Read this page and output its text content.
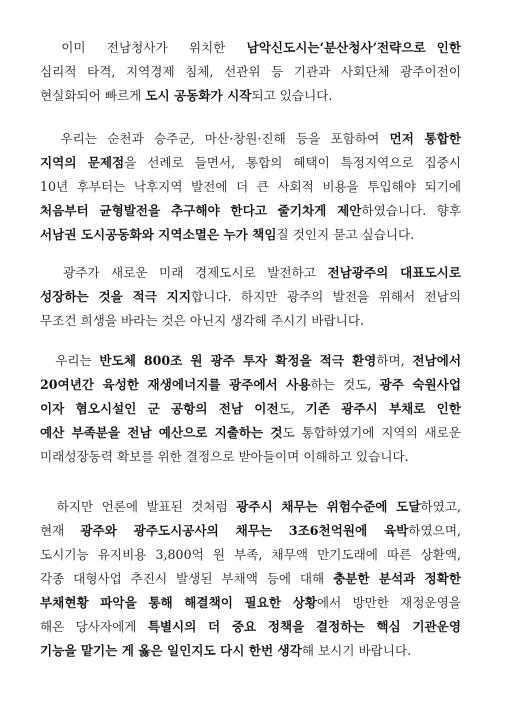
이미  전남청사가  위치한  남악신도시는‘분산청사’전략으로 인한
심리적 타격, 지역경제 침체, 선관위 등 기관과 사회단체 광주이전이
현실화되어 빠르게 도시 공동화가 시작되고 있습니다.

우리는 순천과 승주군, 마산·창원·진해 등을 포함하여 먼저 통합한
지역의 문제점을 선례로 들면서, 통합의 혜택이 특정지역으로 집중시
10년 후부터는 낙후지역 발전에 더 큰 사회적 비용을 투입해야 되기에
처음부터 균형발전을 추구해야 한다고 줄기차게 제안하였습니다. 향후
서남권 도시공동화와 지역소멸은 누가 책임질 것인지 묻고 싶습니다.

광주가 새로운 미래 경제도시로 발전하고 전남광주의 대표도시로
성장하는 것을 적극 지지합니다. 하지만 광주의 발전을 위해서 전남의
무조건 희생을 바라는 것은 아닌지 생각해 주시기 바랍니다.

우리는 반도체 800조 원 광주 투자 확정을 적극 환영하며, 전남에서
20여년간 육성한 재생에너지를 광주에서 사용하는 것도, 광주 숙원사업
이자 혐오시설인 군 공항의 전남 이전도, 기존 광주시 부채로 인한
예산 부족분을 전남 예산으로 지출하는 것도 통합하였기에 지역의 새로운
미래성장동력 확보를 위한 결정으로 받아들이며 이해하고 있습니다.

하지만 언론에 발표된 것처럼 광주시 채무는 위험수준에 도달하였고,
현재  광주와  광주도시공사의  채무는  3조6천억원에  육박하였으며,
도시기능 유지비용 3,800억 원 부족, 채무액 만기도래에 따른 상환액,
각종 대형사업 추진시 발생된 부채액 등에 대해 충분한 분석과 정확한
부채현황 파악을 통해 해결책이 필요한 상황에서 방만한 재정운영을
해온 당사자에게 특별시의 더 중요 정책을 결정하는 핵심 기관운영
기능을 맡기는 게 옳은 일인지도 다시 한번 생각해 보시기 바랍니다.
